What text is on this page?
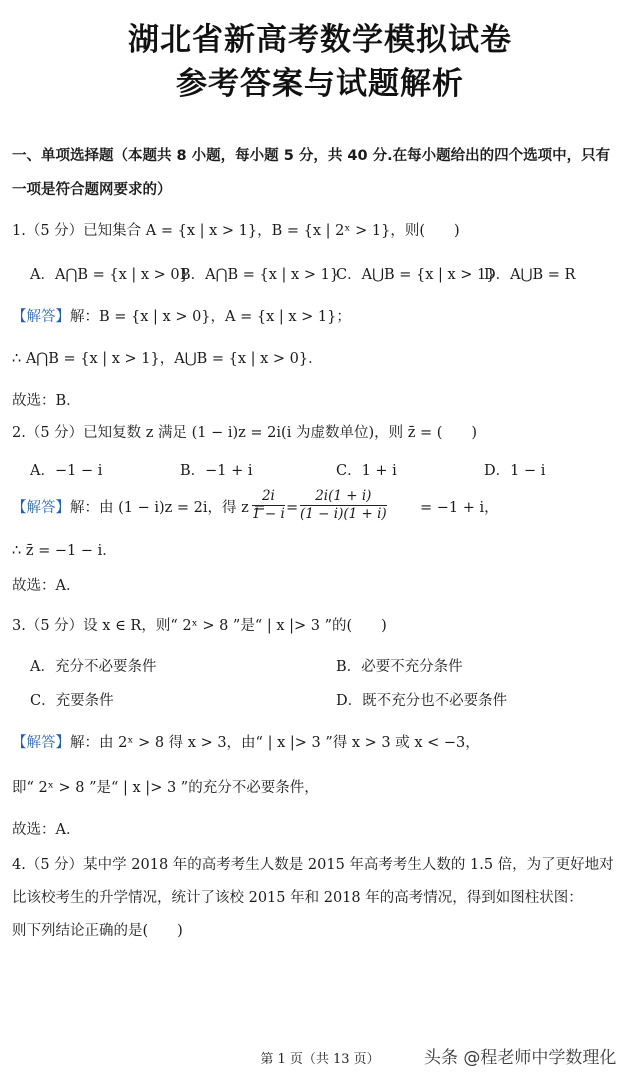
湖北省新高考数学模拟试卷
参考答案与试题解析
一、单项选择题（本题共 8 小题，每小题 5 分，共 40 分.在每小题给出的四个选项中，只有
一项是符合题网要求的）
1.（5 分）已知集合 A = {x | x > 1}，B = {x | 2ˣ > 1}，则(　　)
A．A⋂B = {x | x > 0}
B．A⋂B = {x | x > 1}
C．A⋃B = {x | x > 1}
D．A⋃B = R
【解答】解：B = {x | x > 0}，A = {x | x > 1}；
∴ A⋂B = {x | x > 1}，A⋃B = {x | x > 0}．
故选：B．
2.（5 分）已知复数 z 满足 (1 − i)z = 2i(i 为虚数单位)，则 z̄ = (　　)
A．−1 − i	B．−1 + i	C．1 + i	D．1 − i
【解答】解：由 (1 − i)z = 2i，得 z =
2i
1 − i =
2i(1 + i)
(1 − i)(1 + i) = −1 + i，
∴ z̄ = −1 − i．
故选：A．
3.（5 分）设 x ∈ R，则“ 2ˣ > 8 ”是“ | x |> 3 ”的(　　)
A．充分不必要条件	B．必要不充分条件
C．充要条件	D．既不充分也不必要条件
【解答】解：由 2ˣ > 8 得 x > 3，由“ | x |> 3 ”得 x > 3 或 x < −3，
即“ 2ˣ > 8 ”是“ | x |> 3 ”的充分不必要条件，
故选：A．
4.（5 分）某中学 2018 年的高考考生人数是 2015 年高考考生人数的 1.5 倍，为了更好地对
比该校考生的升学情况，统计了该校 2015 年和 2018 年的高考情况，得到如图柱状图：
则下列结论正确的是(　　)
第 1 页（共 13 页）	头条 @程老师中学数理化
